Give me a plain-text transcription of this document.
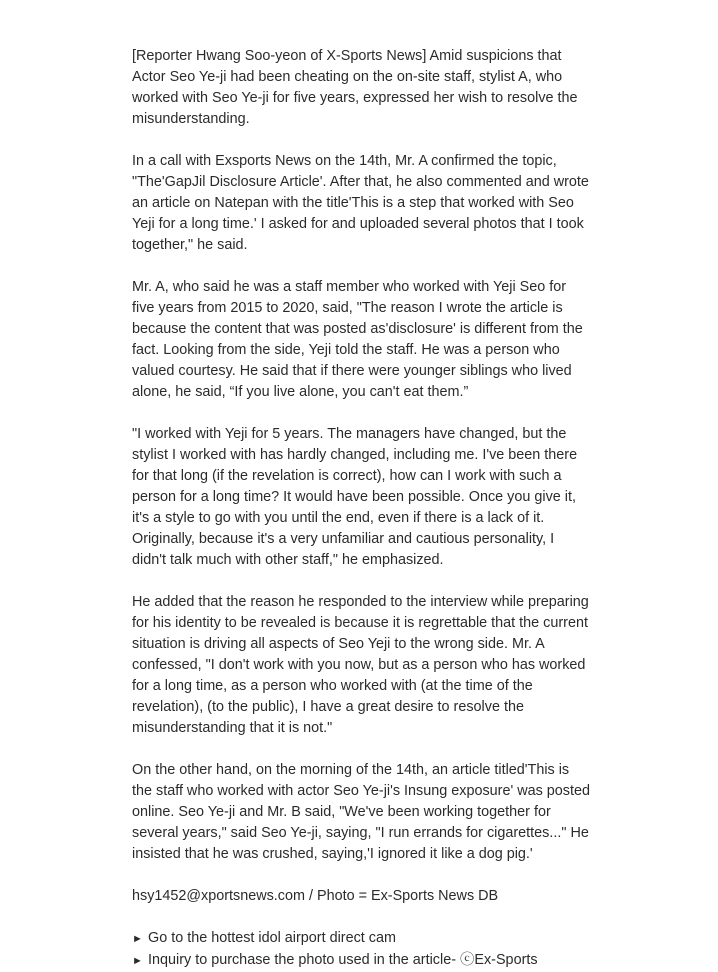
[Reporter Hwang Soo-yeon of X-Sports News] Amid suspicions that Actor Seo Ye-ji had been cheating on the on-site staff, stylist A, who worked with Seo Ye-ji for five years, expressed her wish to resolve the misunderstanding.

In a call with Exsports News on the 14th, Mr. A confirmed the topic, "The'GapJil Disclosure Article'. After that, he also commented and wrote an article on Natepan with the title'This is a step that worked with Seo Yeji for a long time.' I asked for and uploaded several photos that I took together," he said.

Mr. A, who said he was a staff member who worked with Yeji Seo for five years from 2015 to 2020, said, "The reason I wrote the article is because the content that was posted as'disclosure' is different from the fact. Looking from the side, Yeji told the staff. He was a person who valued courtesy. He said that if there were younger siblings who lived alone, he said, “If you live alone, you can't eat them.”

"I worked with Yeji for 5 years. The managers have changed, but the stylist I worked with has hardly changed, including me. I've been there for that long (if the revelation is correct), how can I work with such a person for a long time? It would have been possible. Once you give it, it's a style to go with you until the end, even if there is a lack of it. Originally, because it's a very unfamiliar and cautious personality, I didn't talk much with other staff," he emphasized.

He added that the reason he responded to the interview while preparing for his identity to be revealed is because it is regrettable that the current situation is driving all aspects of Seo Yeji to the wrong side. Mr. A confessed, "I don't work with you now, but as a person who has worked for a long time, as a person who worked with (at the time of the revelation), (to the public), I have a great desire to resolve the misunderstanding that it is not."

On the other hand, on the morning of the 14th, an article titled'This is the staff who worked with actor Seo Ye-ji's Insung exposure' was posted online. Seo Ye-ji and Mr. B said, "We've been working together for several years," said Seo Ye-ji, saying, "I run errands for cigarettes..." He insisted that he was crushed, saying,'I ignored it like a dog pig.'

hsy1452@xportsnews.com / Photo = Ex-Sports News DB

► Go to the hottest idol airport direct cam
► Inquiry to purchase the photo used in the article- ⓒEx-Sports
